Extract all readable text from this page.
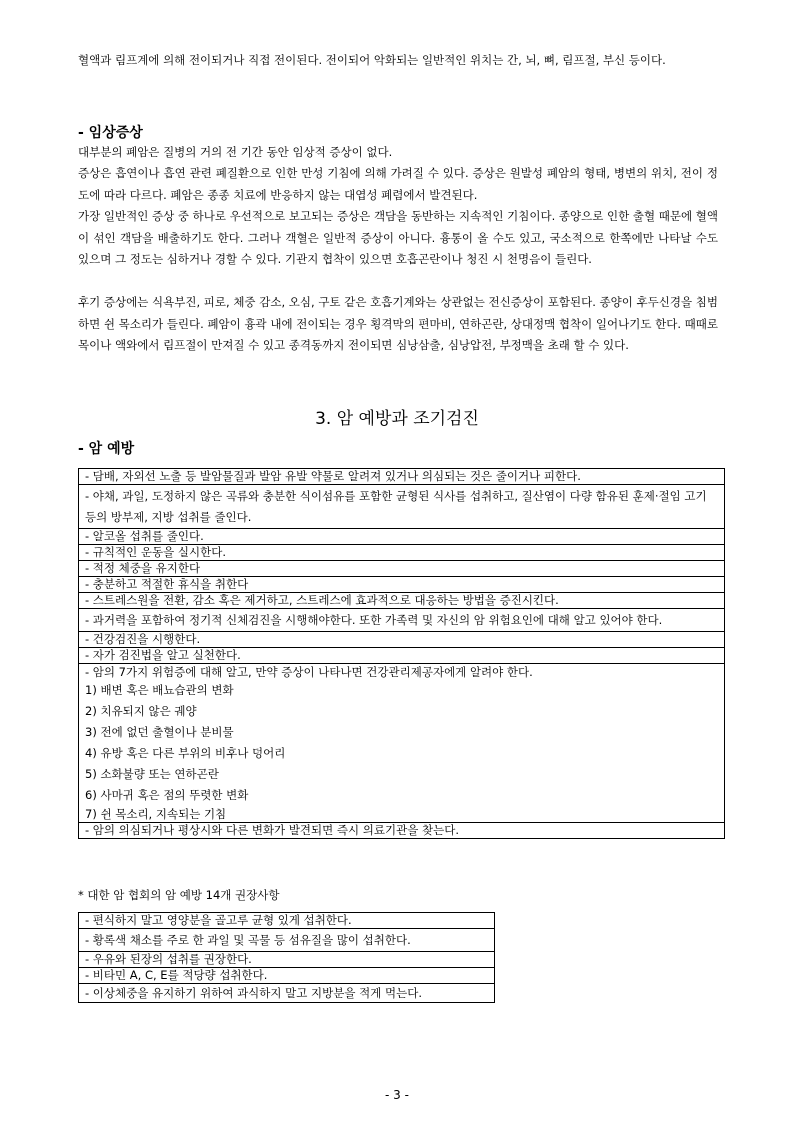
혈액과 림프계에 의해 전이되거나 직접 전이된다. 전이되어 악화되는 일반적인 위치는 간, 뇌, 뼈, 림프절, 부신 등이다.

- 임상증상

대부분의 폐암은 질병의 거의 전 기간 동안 임상적 증상이 없다.

증상은 흡연이나 흡연 관련 폐질환으로 인한 만성 기침에 의해 가려질 수 있다. 증상은 원발성 폐암의 형태, 병변의 위치, 전이 정도에 따라 다르다. 폐암은 종종 치료에 반응하지 않는 대엽성 폐렴에서 발견된다.

가장 일반적인 증상 중 하나로 우선적으로 보고되는 증상은 객담을 동반하는 지속적인 기침이다. 종양으로 인한 출혈 때문에 혈액이 섞인 객담을 배출하기도 한다. 그러나 객혈은 일반적 증상이 아니다. 흉통이 올 수도 있고, 국소적으로 한쪽에만 나타날 수도 있으며 그 정도는 심하거나 경할 수 있다. 기관지 협착이 있으면 호흡곤란이나 청진 시 천명음이 들린다.

후기 증상에는 식욕부진, 피로, 체중 감소, 오심, 구토 같은 호흡기계와는 상관없는 전신증상이 포함된다. 종양이 후두신경을 침범하면 쉰 목소리가 들린다. 폐암이 흉곽 내에 전이되는 경우 횡격막의 편마비, 연하곤란, 상대정맥 협착이 일어나기도 한다. 때때로 목이나 액와에서 림프절이 만져질 수 있고 종격동까지 전이되면 심낭삼출, 심낭압전, 부정맥을 초래 할 수 있다.

3. 암 예방과 조기검진

- 암 예방

- 담배, 자외선 노출 등 발암물질과 발암 유발 약물로 알려져 있거나 의심되는 것은 줄이거나 피한다.
- 야채, 과일, 도정하지 않은 곡류와 충분한 식이섬유를 포함한 균형된 식사를 섭취하고, 질산염이 다량 함유된 훈제·절임 고기 등의 방부제, 지방 섭취를 줄인다.
- 알코올 섭취를 줄인다.
- 규칙적인 운동을 실시한다.
- 적정 체중을 유지한다
- 충분하고 적절한 휴식을 취한다
- 스트레스원을 전환, 감소 혹은 제거하고, 스트레스에 효과적으로 대응하는 방법을 증진시킨다.
- 과거력을 포함하여 정기적 신체검진을 시행해야한다. 또한 가족력 및 자신의 암 위험요인에 대해 알고 있어야 한다.
- 건강검진을 시행한다.
- 자가 검진법을 알고 실천한다.

- 암의 7가지 위험증에 대해 알고, 만약 증상이 나타나면 건강관리제공자에게 알려야 한다.

1) 배변 혹은 배뇨습관의 변화

2) 치유되지 않은 궤양

3) 전에 없던 출혈이나 분비물

4) 유방 혹은 다른 부위의 비후나 덩어리

5) 소화불량 또는 연하곤란

6) 사마귀 혹은 점의 뚜렷한 변화

7) 쉰 목소리, 지속되는 기침

- 암의 의심되거나 평상시와 다른 변화가 발견되면 즉시 의료기관을 찾는다.

* 대한 암 협회의 암 예방 14개 권장사항

- 편식하지 말고 영양분을 골고루 균형 있게 섭취한다.
- 황록색 채소를 주로 한 과일 및 곡물 등 섬유질을 많이 섭취한다.
- 우유와 된장의 섭취를 권장한다.
- 비타민 A, C, E를 적당량 섭취한다.
- 이상체중을 유지하기 위하여 과식하지 말고 지방분을 적게 먹는다.

- 3 -
